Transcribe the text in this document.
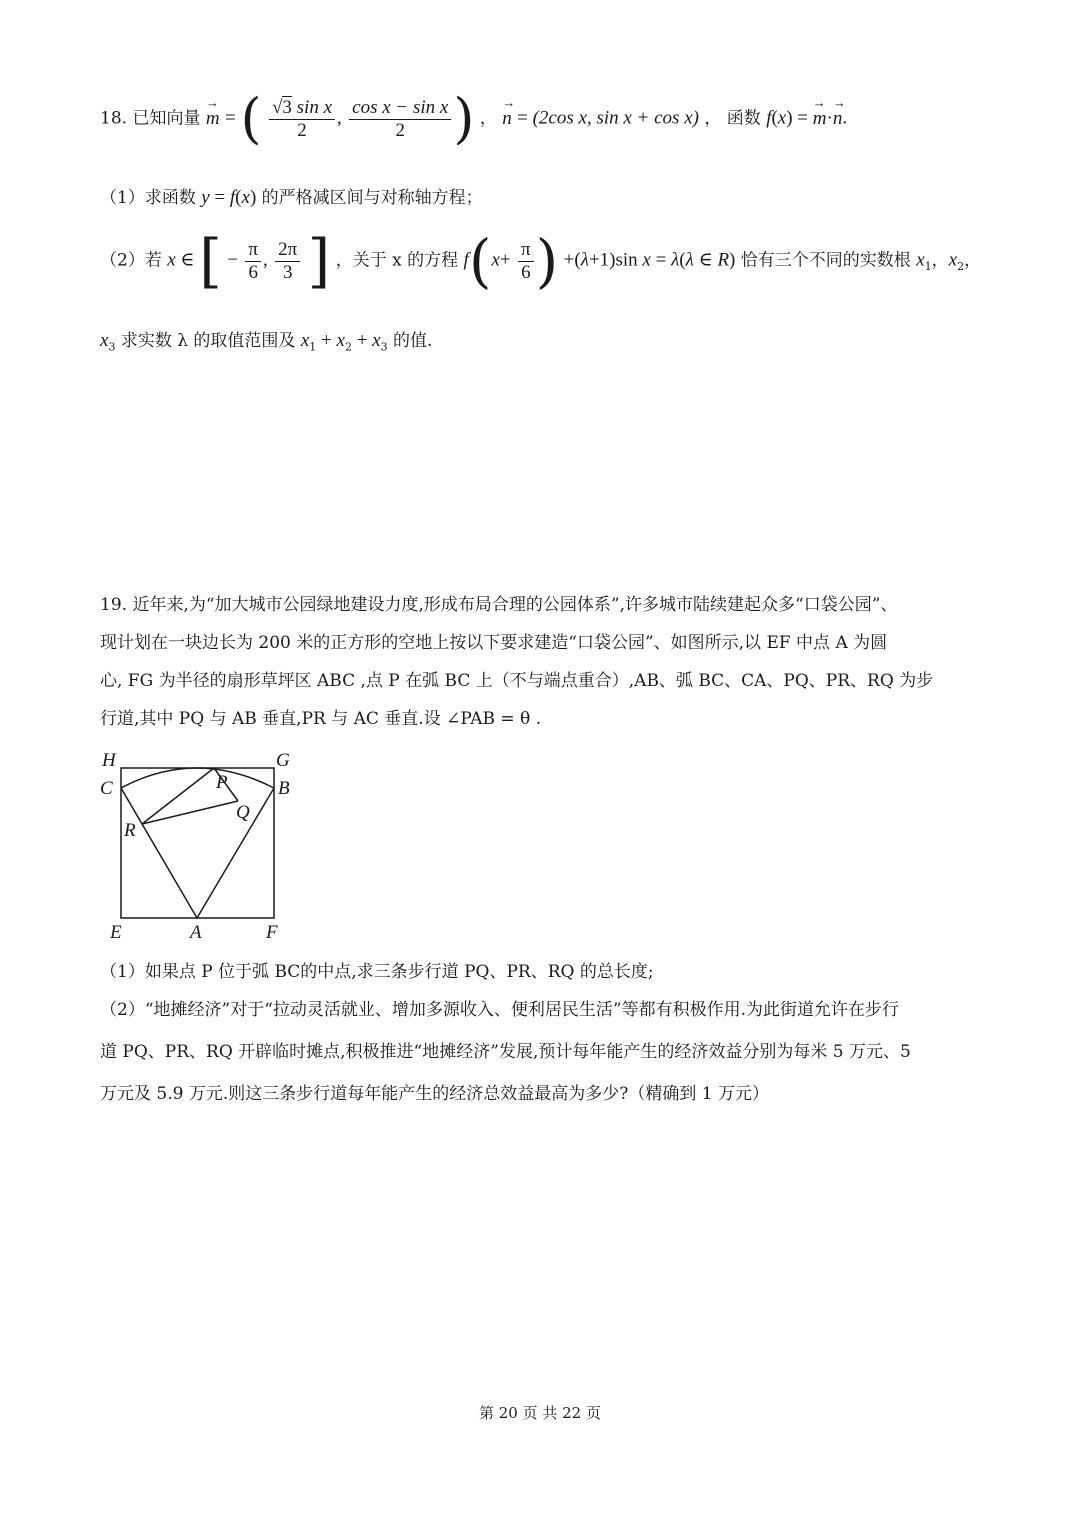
18. 已知向量 → m = ( $\frac{\text{√3 sin x}}{2}$ , $\frac{\text{cos x − sin x}}{2}$ ) ， → n = (2cos x, sin x + cos x) ， 函数 f(x) = → m·→ n.
（1）求函数 y = f(x) 的严格减区间与对称轴方程；
（2）若 x ∈ [ − $\frac{\pi}{6}$ , $\frac{2\pi}{3}$ ] ，关于 x 的方程 $f(x+ \frac{\pi}{6}$ ) +(λ+1)sin x = λ(λ ∈ R) 恰有三个不同的实数根 $x_1$，$x_2$，
$x_3$ 求实数 λ 的取值范围及 $x_1 + x_2 + x_3$ 的值.
19. 近年来,为“加大城市公园绿地建设力度,形成布局合理的公园体系”,许多城市陆续建起众多“口袋公园”、
现计划在一块边长为 200 米的正方形的空地上按以下要求建造“口袋公园”、如图所示,以 EF 中点 A 为圆
心, FG 为半径的扇形草坪区 ABC ,点 P 在弧 BC 上（不与端点重合）,AB、弧 BC、CA、PQ、PR、RQ 为步
行道,其中 PQ 与 AB 垂直,PR 与 AC 垂直.设 ∠PAB = θ .
H	G
C	B
P
Q
R
E	A	F
（1）如果点 P 位于弧 BC的中点,求三条步行道 PQ、PR、RQ 的总长度;
（2）“地摊经济”对于“拉动灵活就业、增加多源收入、便利居民生活”等都有积极作用.为此街道允许在步行
道 PQ、PR、RQ 开辟临时摊点,积极推进“地摊经济”发展,预计每年能产生的经济效益分别为每米 5 万元、5
万元及 5.9 万元.则这三条步行道每年能产生的经济总效益最高为多少?（精确到 1 万元）
第 20 页 共 22 页
